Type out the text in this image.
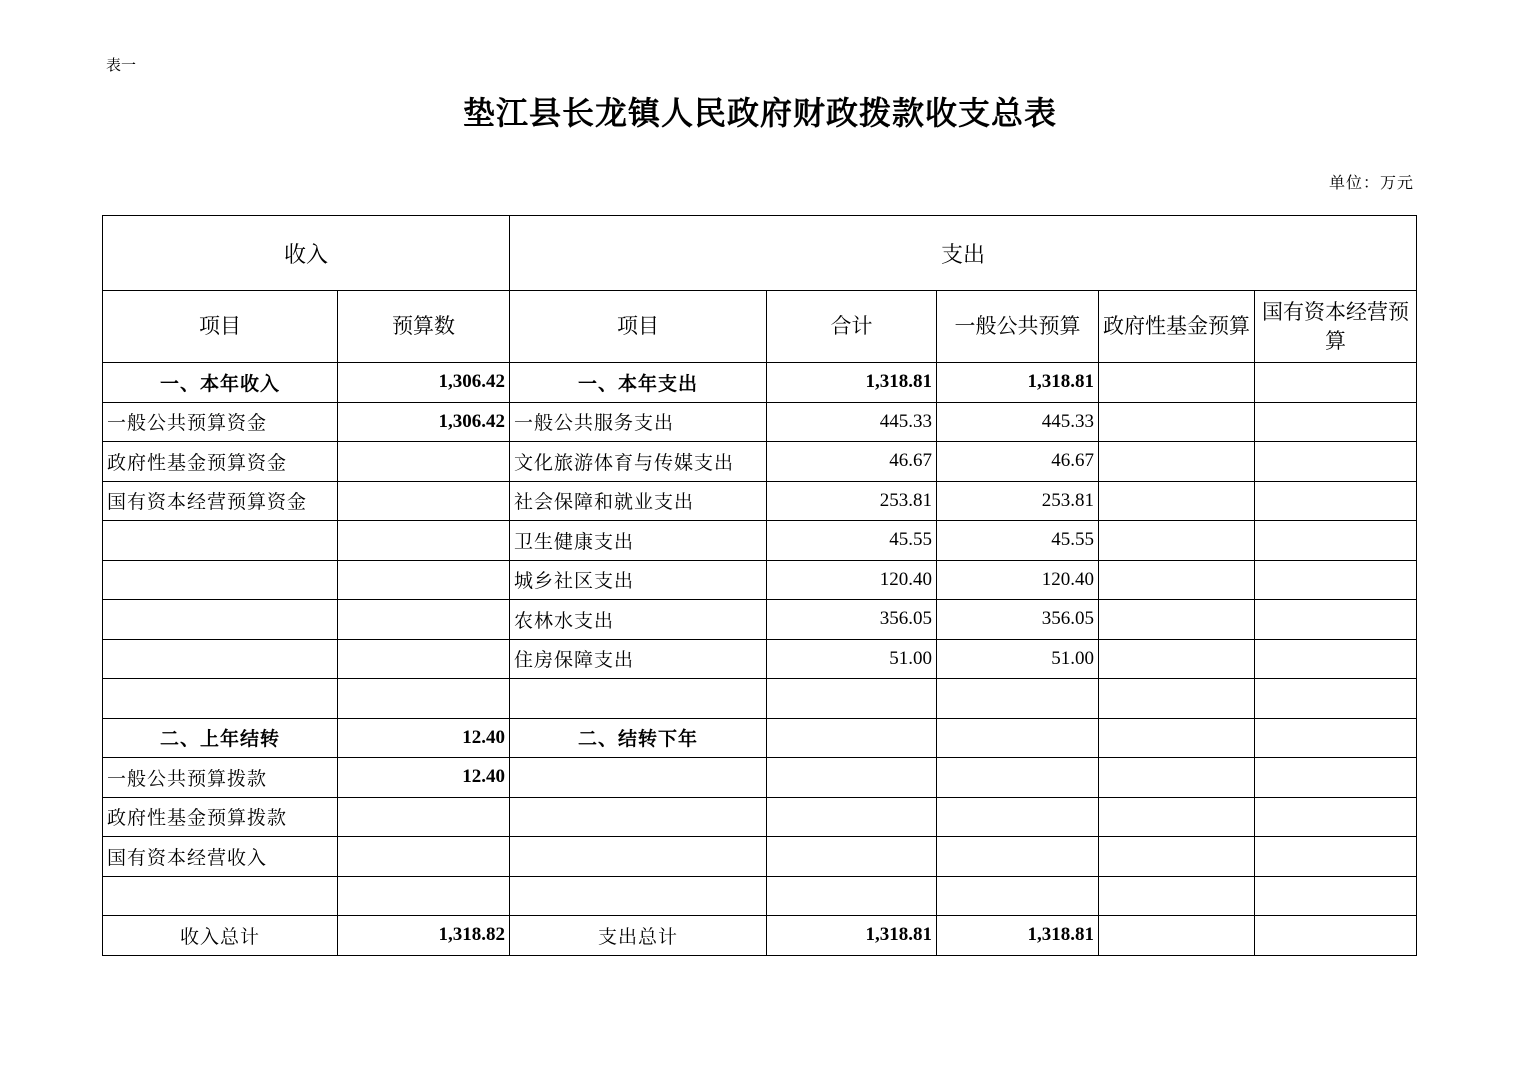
表一
垫江县长龙镇人民政府财政拨款收支总表
单位：万元
收入		支出				
项目	预算数	项目	合计	一般公共预算	政府性基金预算	国有资本经营预算
一、本年收入	1,306.42	一、本年支出	1,318.81	1,318.81		
一般公共预算资金	1,306.42	一般公共服务支出	445.33	445.33		
政府性基金预算资金		文化旅游体育与传媒支出	46.67	46.67		
国有资本经营预算资金		社会保障和就业支出	253.81	253.81		
		卫生健康支出	45.55	45.55		
		城乡社区支出	120.40	120.40		
		农林水支出	356.05	356.05		
		住房保障支出	51.00	51.00		

二、上年结转	12.40	二、结转下年				
一般公共预算拨款	12.40					
政府性基金预算拨款						
国有资本经营收入						

收入总计	1,318.82	支出总计	1,318.81	1,318.81		
